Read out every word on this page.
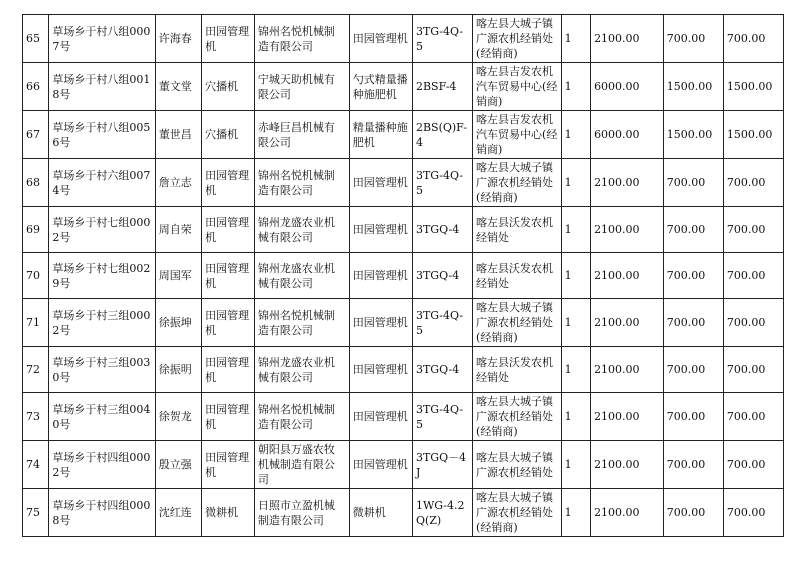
65	草场乡于村八组0007号	许海春	田园管理机	锦州名悦机械制造有限公司	田园管理机	3TG-4Q-5	喀左县大城子镇广源农机经销处(经销商)	1	2100.00	700.00	700.00
66	草场乡于村八组0018号	董文堂	穴播机	宁城天助机械有限公司	勺式精量播种施肥机	2BSF-4	喀左县吉发农机汽车贸易中心(经销商)	1	6000.00	1500.00	1500.00
67	草场乡于村八组0056号	董世昌	穴播机	赤峰巨昌机械有限公司	精量播种施肥机	2BS(Q)F-4	喀左县吉发农机汽车贸易中心(经销商)	1	6000.00	1500.00	1500.00
68	草场乡于村六组0074号	詹立志	田园管理机	锦州名悦机械制造有限公司	田园管理机	3TG-4Q-5	喀左县大城子镇广源农机经销处(经销商)	1	2100.00	700.00	700.00
69	草场乡于村七组0002号	周自荣	田园管理机	锦州龙盛农业机械有限公司	田园管理机	3TGQ-4	喀左县沃发农机经销处	1	2100.00	700.00	700.00
70	草场乡于村七组0029号	周国军	田园管理机	锦州龙盛农业机械有限公司	田园管理机	3TGQ-4	喀左县沃发农机经销处	1	2100.00	700.00	700.00
71	草场乡于村三组0002号	徐振坤	田园管理机	锦州名悦机械制造有限公司	田园管理机	3TG-4Q-5	喀左县大城子镇广源农机经销处(经销商)	1	2100.00	700.00	700.00
72	草场乡于村三组0030号	徐振明	田园管理机	锦州龙盛农业机械有限公司	田园管理机	3TGQ-4	喀左县沃发农机经销处	1	2100.00	700.00	700.00
73	草场乡于村三组0040号	徐贺龙	田园管理机	锦州名悦机械制造有限公司	田园管理机	3TG-4Q-5	喀左县大城子镇广源农机经销处(经销商)	1	2100.00	700.00	700.00
74	草场乡于村四组0002号	殷立强	田园管理机	朝阳县万盛农牧机械制造有限公司	田园管理机	3TGQ－4J	喀左县大城子镇广源农机经销处	1	2100.00	700.00	700.00
75	草场乡于村四组0008号	沈红连	微耕机	日照市立盈机械制造有限公司	微耕机	1WG-4.2Q(Z)	喀左县大城子镇广源农机经销处(经销商)	1	2100.00	700.00	700.00
